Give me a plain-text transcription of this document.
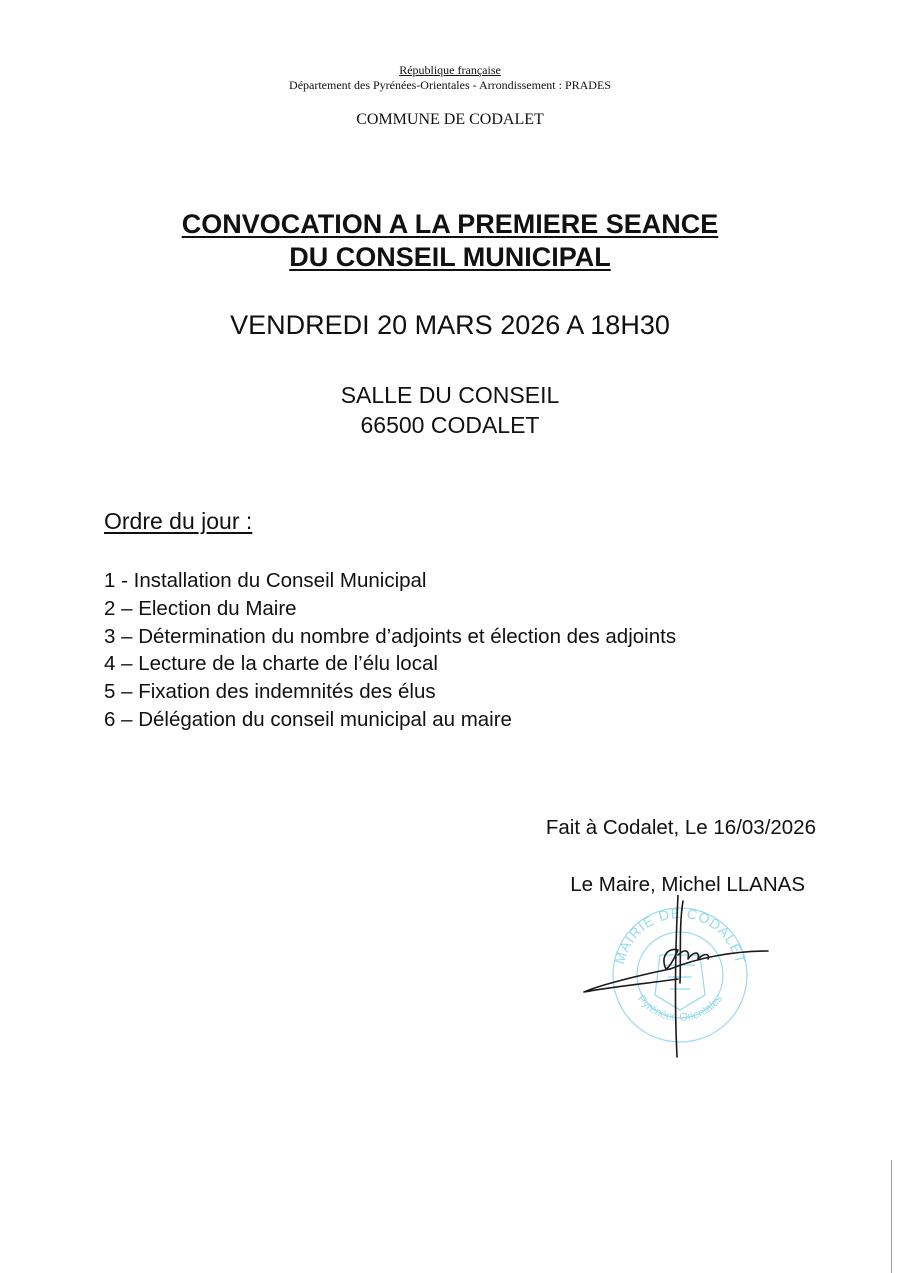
République française
Département des Pyrénées-Orientales - Arrondissement : PRADES
COMMUNE DE CODALET
CONVOCATION A LA PREMIERE SEANCE
DU CONSEIL MUNICIPAL
VENDREDI 20 MARS 2026 A 18H30
SALLE DU CONSEIL
66500 CODALET
Ordre du jour :
1 - Installation du Conseil Municipal
2 – Election du Maire
3 – Détermination du nombre d’adjoints et élection des adjoints
4 – Lecture de la charte de l’élu local
5 – Fixation des indemnités des élus
6 – Délégation du conseil municipal au maire
Fait à Codalet, Le 16/03/2026
Le Maire, Michel LLANAS
MAIRIE DE CODALET
Pyrénées Orientales
